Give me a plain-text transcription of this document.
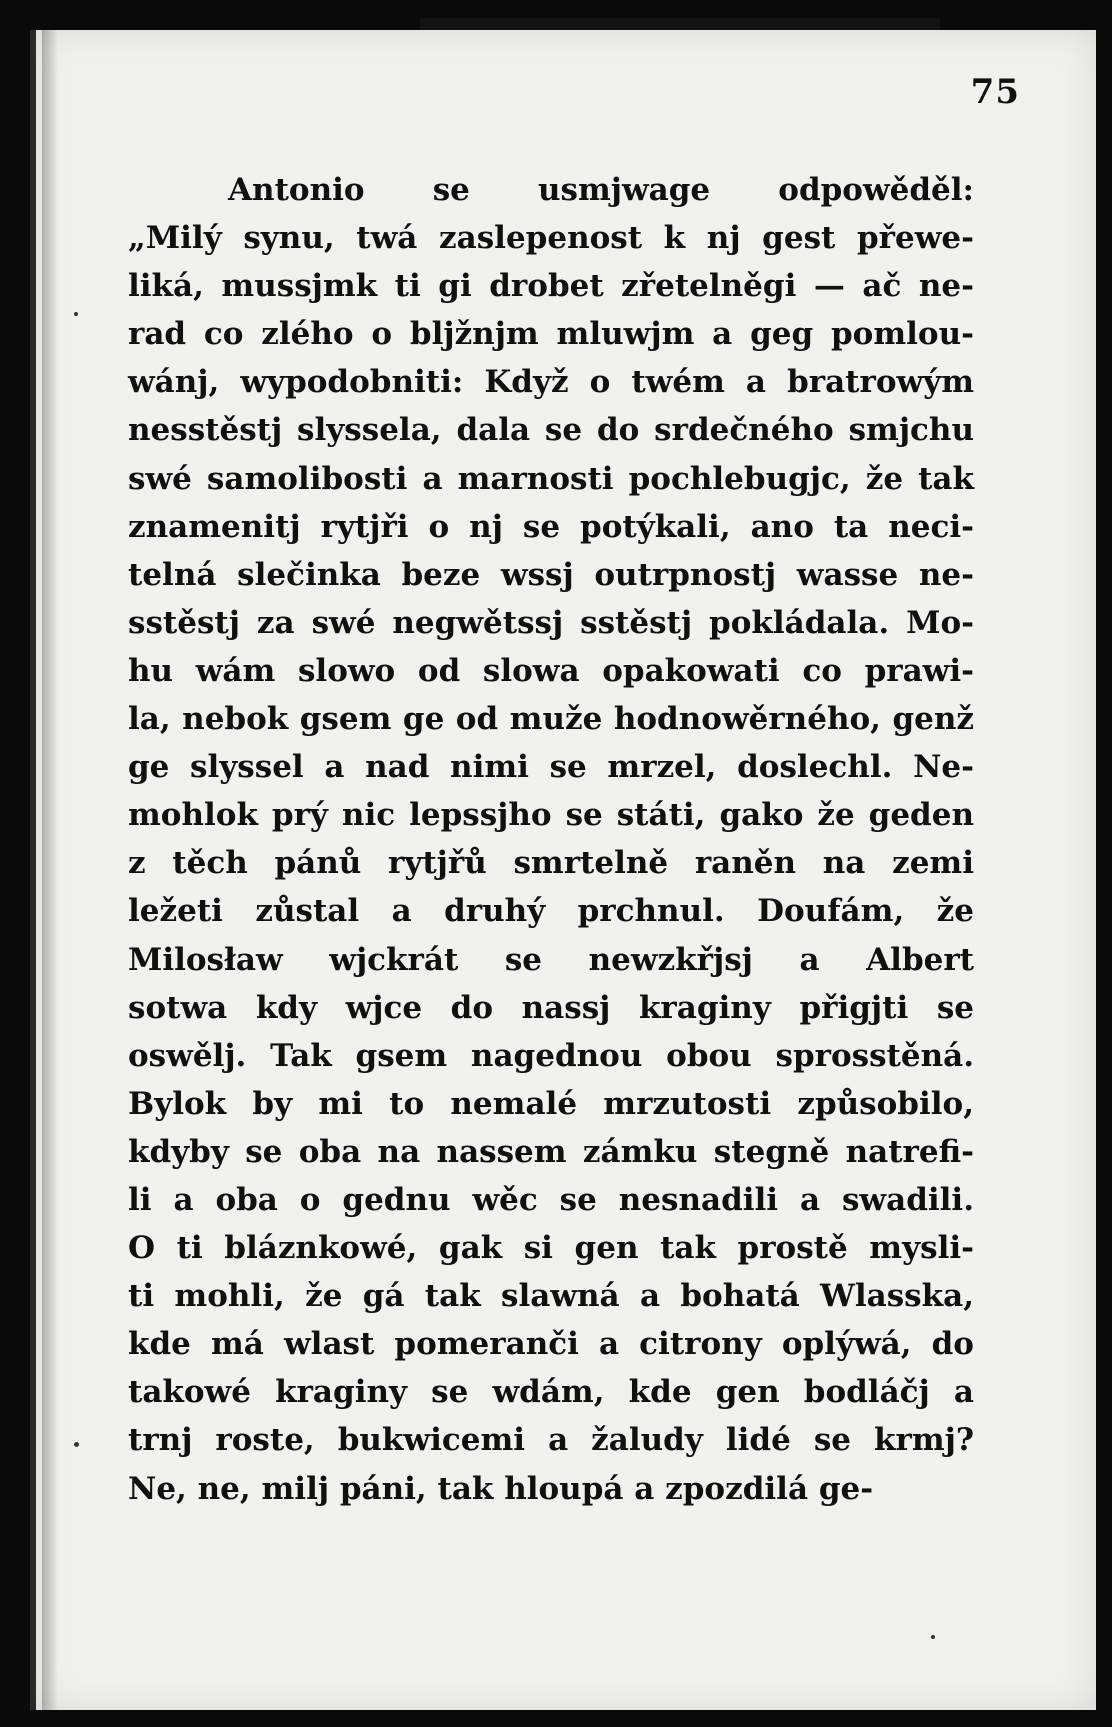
75
Antonio se usmjwage odpowěděl:
„Milý synu, twá zaslepenost k nj gest přewe-
liká, mussjmk ti gi drobet zřetelněgi — ač ne-
rad co zlého o bljžnjm mluwjm a geg pomlou-
wánj, wypodobniti: Když o twém a bratrowým
nesstěstj slyssela, dala se do srdečného smjchu
swé samolibosti a marnosti pochlebugjc, že tak
znamenitj rytjři o nj se potýkali, ano ta neci-
telná slečinka beze wssj outrpnostj wasse ne-
sstěstj za swé negwětssj sstěstj pokládala. Mo-
hu wám slowo od slowa opakowati co prawi-
la, nebok gsem ge od muže hodnowěrného, genž
ge slyssel a nad nimi se mrzel, doslechl. Ne-
mohlok prý nic lepssjho se státi, gako že geden
z těch pánů rytjřů smrtelně raněn na zemi
ležeti zůstal a druhý prchnul. Doufám, že
Milosław wjckrát se newzkřjsj a Albert
sotwa kdy wjce do nassj kraginy přigjti se
oswělj. Tak gsem nagednou obou sprosstěná.
Bylok by mi to nemalé mrzutosti způsobilo,
kdyby se oba na nassem zámku stegně natrefi-
li a oba o gednu wěc se nesnadili a swadili.
O ti bláznkowé, gak si gen tak prostě mysli-
ti mohli, že gá tak slawná a bohatá Wlasska,
kde má wlast pomeranči a citrony oplýwá, do
takowé kraginy se wdám, kde gen bodláčj a
trnj roste, bukwicemi a žaludy lidé se krmj?
Ne, ne, milj páni, tak hloupá a zpozdilá ge-
